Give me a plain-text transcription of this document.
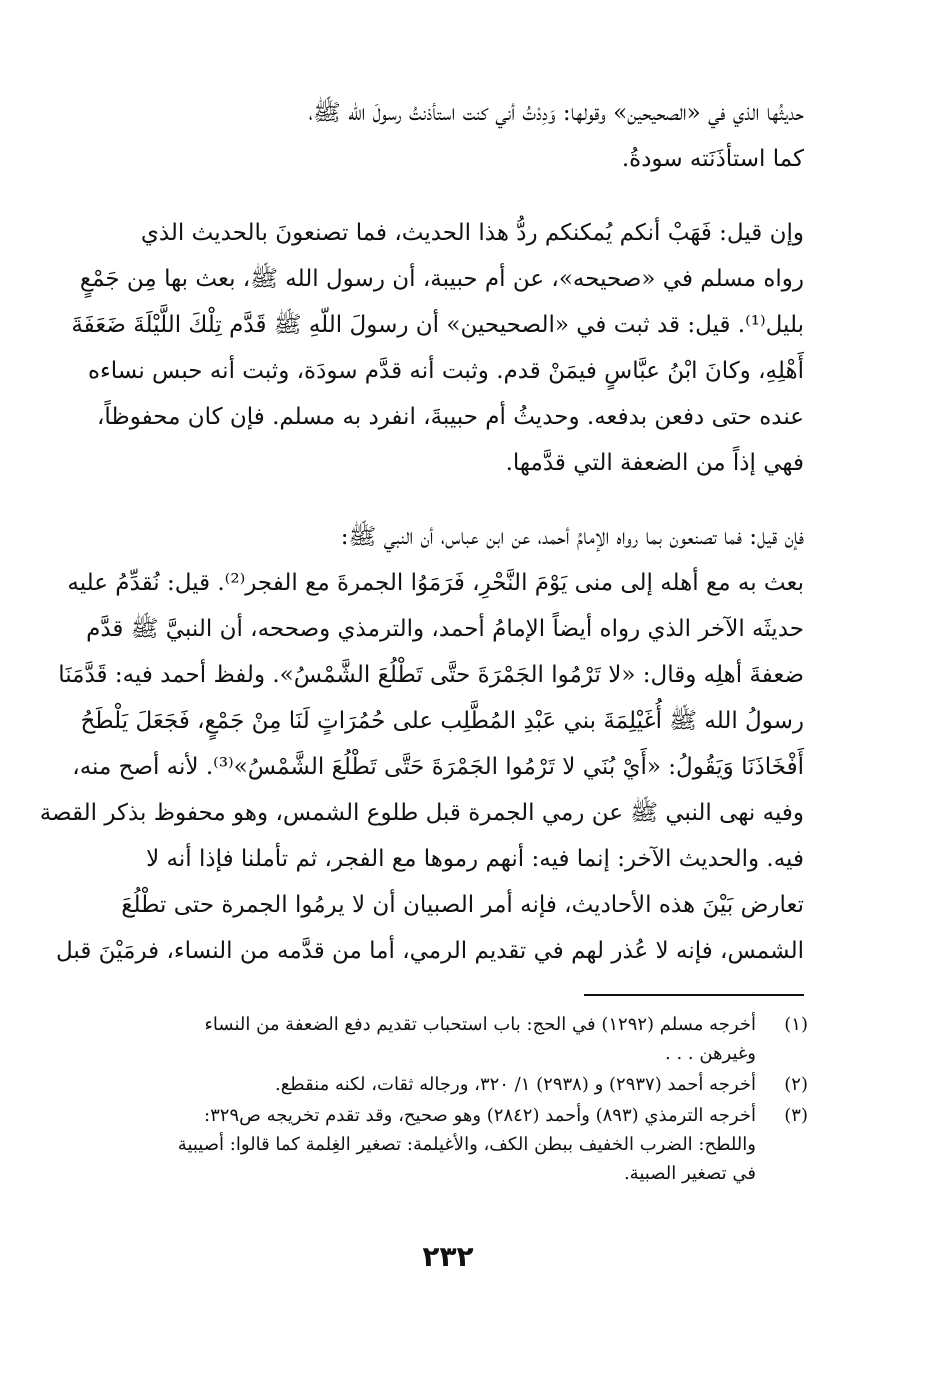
حديثُها الذي في «الصحيحين» وقولها: وَدِدْتُ أني كنت استأذنتُ رسولَ الله ﷺ،
كما استأذَنَته سودةُ.

وإن قيل: فَهَبْ أنكم يُمكنكم ردُّ هذا الحديث، فما تصنعونَ بالحديث الذي
رواه مسلم في «صحيحه»، عن أم حبيبة، أن رسول الله ﷺ، بعث بها مِن جَمْعٍ
بليل⁽¹⁾. قيل: قد ثبت في «الصحيحين» أن رسولَ اللّهِ ﷺ قَدَّم تِلْكَ اللَّيْلَةَ ضَعَفَةَ
أَهْلِهِ، وكانَ ابْنُ عبَّاسٍ فيمَنْ قدم. وثبت أنه قدَّم سودَة، وثبت أنه حبس نساءه
عنده حتى دفعن بدفعه. وحديثُ أم حبيبةَ، انفرد به مسلم. فإن كان محفوظاً،
فهي إذاً من الضعفة التي قدَّمها.

فإن قيل: فما تصنعون بما رواه الإمامُ أحمد، عن ابن عباس، أن النبي ﷺ:
بعث به مع أهله إلى منى يَوْمَ النَّحْرِ، فَرَمَوُا الجمرةَ مع الفجر⁽²⁾. قيل: نُقدِّمُ عليه
حديثَه الآخر الذي رواه أيضاً الإمامُ أحمد، والترمذي وصححه، أن النبيَّ ﷺ قدَّم
ضعفةَ أهلِه وقال: «لا تَرْمُوا الجَمْرَةَ حتَّى تَطْلُعَ الشَّمْسُ». ولفظ أحمد فيه: قَدَّمَنَا
رسولُ الله ﷺ أُغَيْلِمَةَ بني عَبْدِ المُطَّلِب على حُمُرَاتٍ لَنَا مِنْ جَمْعٍ، فَجَعَلَ يَلْطَحُ
أَفْخَاذَنَا وَيَقُولُ: «أَيْ بُنَي لا تَرْمُوا الجَمْرَةَ حَتَّى تَطْلُعَ الشَّمْسُ»⁽³⁾. لأنه أصح منه،
وفيه نهى النبي ﷺ عن رمي الجمرة قبل طلوع الشمس، وهو محفوظ بذكر القصة
فيه. والحديث الآخر: إنما فيه: أنهم رموها مع الفجر، ثم تأملنا فإذا أنه لا
تعارض بَيْنَ هذه الأحاديث، فإنه أمر الصبيان أن لا يرمُوا الجمرة حتى تطْلُعَ
الشمس، فإنه لا عُذر لهم في تقديم الرمي، أما من قدَّمه من النساء، فرمَيْنَ قبل

(١)
أخرجه مسلم (١٢٩٢) في الحج: باب استحباب تقديم دفع الضعفة من النساء
وغيرهن . . .
(٢)
أخرجه أحمد (٢٩٣٧) و (٢٩٣٨) ١/ ٣٢٠، ورجاله ثقات، لكنه منقطع.
(٣)
أخرجه الترمذي (٨٩٣) وأحمد (٢٨٤٢) وهو صحيح، وقد تقدم تخريجه ص٣٢٩:
واللطح: الضرب الخفيف ببطن الكف، والأغيلمة: تصغير الغِلمة كما قالوا: أصيبية
في تصغير الصبية.
٢٣٢
